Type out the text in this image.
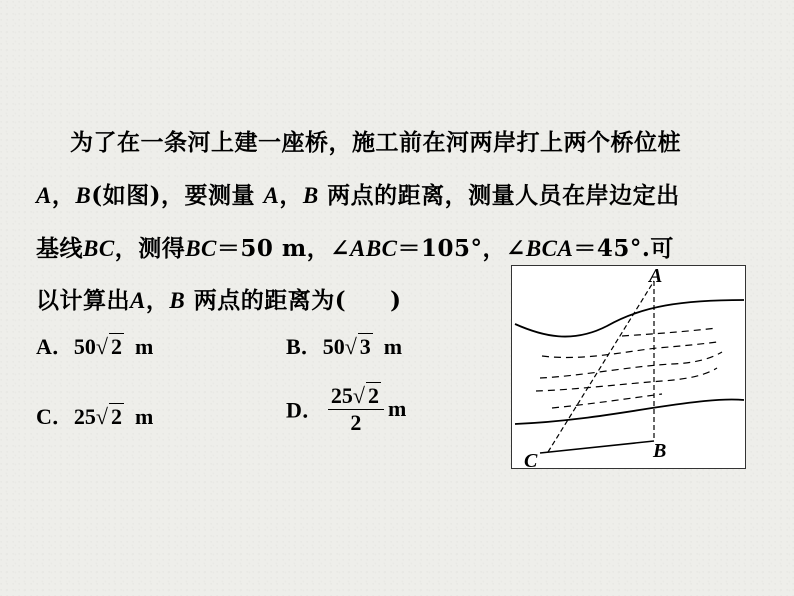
为了在一条河上建一座桥，施工前在河两岸打上两个桥位桩
A，B(如图)，要测量 A，B 两点的距离，测量人员在岸边定出
基线BC，测得BC＝50 m，∠ABC＝105°，∠BCA＝45°.可
以计算出A，B 两点的距离为( )
A．50√ 2 m	B．50√ 3 m
C．25√ 2 m	D． $\frac{25√ 2}{2}$ m
A
B
C
